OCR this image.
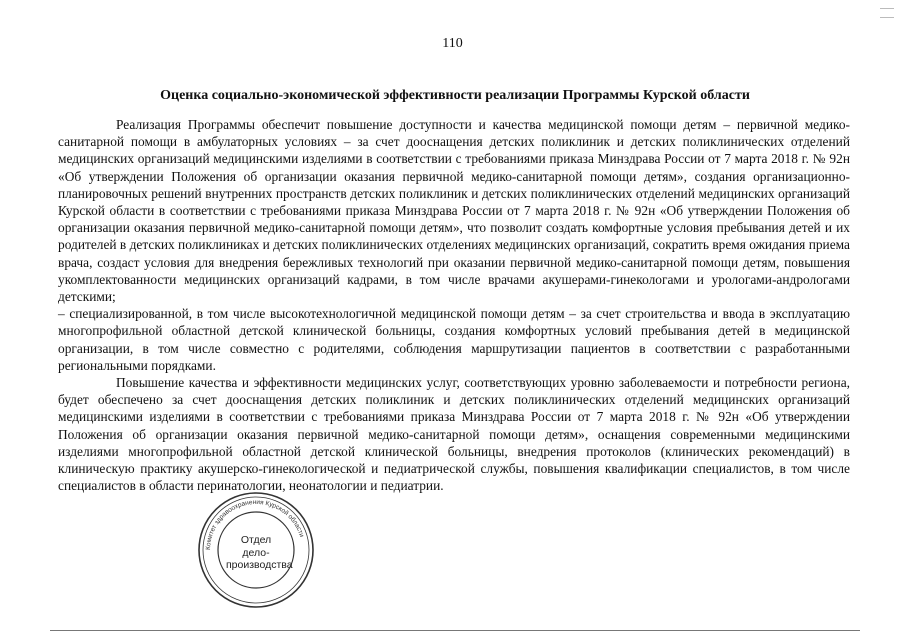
110
Оценка социально-экономической эффективности реализации Программы Курской области

Реализация Программы обеспечит повышение доступности и качества медицинской помощи детям – первичной медико-санитарной помощи в амбулаторных условиях – за счет дооснащения детских поликлиник и детских поликлинических отделений медицинских организаций медицинскими изделиями в соответствии с требованиями приказа Минздрава России от 7 марта 2018 г. № 92н «Об утверждении Положения об организации оказания первичной медико-санитарной помощи детям», создания организационно-планировочных решений внутренних пространств детских поликлиник и детских поликлинических отделений медицинских организаций Курской области в соответствии с требованиями приказа Минздрава России от 7 марта 2018 г. № 92н «Об утверждении Положения об организации оказания первичной медико-санитарной помощи детям», что позволит создать комфортные условия пребывания детей и их родителей в детских поликлиниках и детских поликлинических отделениях медицинских организаций, сократить время ожидания приема врача, создаст условия для внедрения бережливых технологий при оказании первичной медико-санитарной помощи детям, повышения укомплектованности медицинских организаций кадрами, в том числе врачами акушерами-гинекологами и урологами-андрологами детскими;

– специализированной, в том числе высокотехнологичной медицинской помощи детям – за счет строительства и ввода в эксплуатацию многопрофильной областной детской клинической больницы, создания комфортных условий пребывания детей в медицинской организации, в том числе совместно с родителями, соблюдения маршрутизации пациентов в соответствии с разработанными региональными порядками.

Повышение качества и эффективности медицинских услуг, соответствующих уровню заболеваемости и потребности региона, будет обеспечено за счет дооснащения детских поликлиник и детских поликлинических отделений медицинских организаций медицинскими изделиями в соответствии с требованиями приказа Минздрава России от 7 марта 2018 г. № 92н «Об утверждении Положения об организации оказания первичной медико-санитарной помощи детям», оснащения современными медицинскими изделиями многопрофильной областной детской клинической больницы, внедрения протоколов (клинических рекомендаций) в клиническую практику акушерско-гинекологической и педиатрической службы, повышения квалификации специалистов, в том числе специалистов в области перинатологии, неонатологии и педиатрии.

Комитет здравоохранения Курской области
Отдел
дело-
производства
